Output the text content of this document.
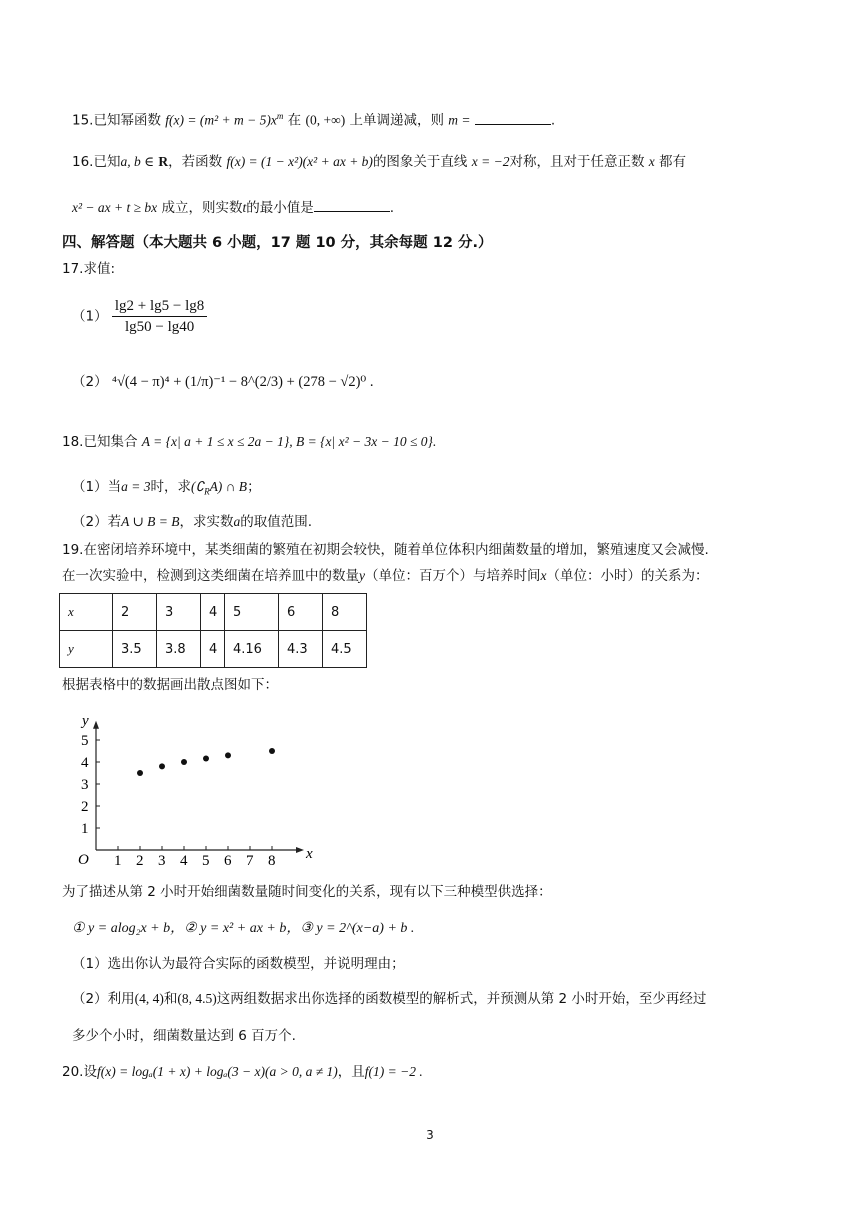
15.已知幂函数 $f(x) = (m^2 + m - 5)x^m$ 在 (0, +∞) 上单调递减，则 m =	.
16.已知a, b ∈ R，若函数 f(x) = (1 − x²)(x² + ax + b)的图象关于直线 x = −2对称，且对于任意正数 x 都有
x² − ax + t ≥ bx 成立，则实数t的最小值是	.
四、解答题（本大题共 6 小题，17 题 10 分，其余每题 12 分.）
17.求值:
$(1) \frac{\lg 2 + \lg 5 - \lg 8}{\lg 50 - \lg 40}$
（2） ⁴√(4 − π)⁴ + (1/π)⁻¹ − 8^(2/3) + (278 − √2)⁰ .
18.已知集合 A = {x| a + 1 ≤ x ≤ 2a − 1}, B = {x| x² − 3x − 10 ≤ 0}.
（1）当a = 3时，求$(∁_RA)$ ∩ B；
（2）若A ∪ B = B，求实数a的取值范围.
19.在密闭培养环境中，某类细菌的繁殖在初期会较快，随着单位体积内细菌数量的增加，繁殖速度又会减慢.
在一次实验中，检测到这类细菌在培养皿中的数量y（单位：百万个）与培养时间x（单位：小时）的关系为：
x	2	3	4	5	6	8
y	3.5	3.8	4	4.16	4.3	4.5
根据表格中的数据画出散点图如下：
x
y
O 1 2 3 4 5 6 7 8
1
2
3
4
5
为了描述从第 2 小时开始细菌数量随时间变化的关系，现有以下三种模型供选择：
① y = alog₂x + b，② y = x² + ax + b，③ y = 2^(x−a) + b .
（1）选出你认为最符合实际的函数模型，并说明理由；
（2）利用(4, 4)和(8, 4.5)这两组数据求出你选择的函数模型的解析式，并预测从第 2 小时开始，至少再经过
多少个小时，细菌数量达到 6 百万个.
20.设f(x) = logₐ(1 + x) + logₐ(3 − x)(a > 0, a ≠ 1)，且f(1) = −2 .
3
